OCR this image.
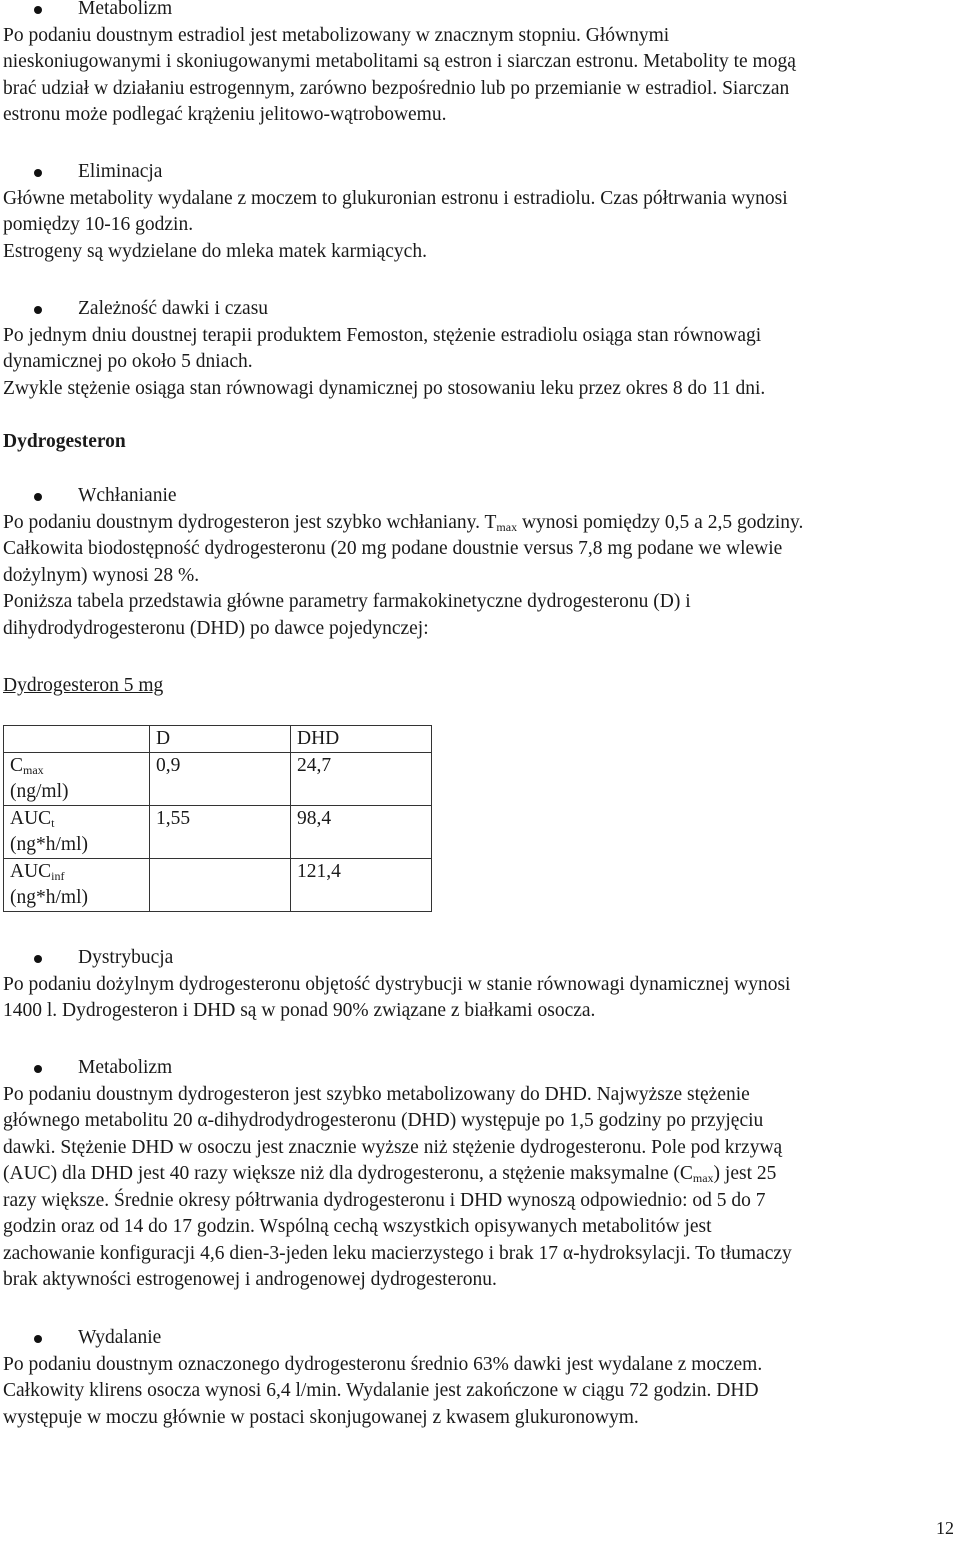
Metabolizm

Po podaniu doustnym estradiol jest metabolizowany w znacznym stopniu. Głównymi

nieskoniugowanymi i skoniugowanymi metabolitami są estron i siarczan estronu. Metabolity te mogą

brać udział w działaniu estrogennym, zarówno bezpośrednio lub po przemianie w estradiol. Siarczan

estronu może podlegać krążeniu jelitowo-wątrobowemu.

Eliminacja

Główne metabolity wydalane z moczem to glukuronian estronu i estradiolu. Czas półtrwania wynosi

pomiędzy 10-16 godzin.

Estrogeny są wydzielane do mleka matek karmiących.

Zależność dawki i czasu

Po jednym dniu doustnej terapii produktem Femoston, stężenie estradiolu osiąga stan równowagi

dynamicznej po około 5 dniach.

Zwykle stężenie osiąga stan równowagi dynamicznej po stosowaniu leku przez okres 8 do 11 dni.

Dydrogesteron

Wchłanianie

Po podaniu doustnym dydrogesteron jest szybko wchłaniany. $T_{max}$ wynosi pomiędzy 0,5 a 2,5 godziny.

Całkowita biodostępność dydrogesteronu (20 mg podane doustnie versus 7,8 mg podane we wlewie

dożylnym) wynosi 28 %.

Poniższa tabela przedstawia główne parametry farmakokinetyczne dydrogesteronu (D) i

dihydrodydrogesteronu (DHD) po dawce pojedynczej:

Dydrogesteron 5 mg

	D	DHD
$C_{max}$
(ng/ml)	0,9	24,7
$AUC_t$
(ng*h/ml)	1,55	98,4
$AUC_{inf}$
(ng*h/ml)		121,4

Dystrybucja

Po podaniu dożylnym dydrogesteronu objętość dystrybucji w stanie równowagi dynamicznej wynosi

1400 l. Dydrogesteron i DHD są w ponad 90% związane z białkami osocza.

Metabolizm

Po podaniu doustnym dydrogesteron jest szybko metabolizowany do DHD. Najwyższe stężenie

głównego metabolitu 20 α-dihydrodydrogesteronu (DHD) występuje po 1,5 godziny po przyjęciu

dawki. Stężenie DHD w osoczu jest znacznie wyższe niż stężenie dydrogesteronu. Pole pod krzywą

(AUC) dla DHD jest 40 razy większe niż dla dydrogesteronu, a stężenie maksymalne $(C_{max})$ jest 25

razy większe. Średnie okresy półtrwania dydrogesteronu i DHD wynoszą odpowiednio: od 5 do 7

godzin oraz od 14 do 17 godzin. Wspólną cechą wszystkich opisywanych metabolitów jest

zachowanie konfiguracji 4,6 dien-3-jeden leku macierzystego i brak 17 α-hydroksylacji. To tłumaczy

brak aktywności estrogenowej i androgenowej dydrogesteronu.

Wydalanie

Po podaniu doustnym oznaczonego dydrogesteronu średnio 63% dawki jest wydalane z moczem.

Całkowity klirens osocza wynosi 6,4 l/min. Wydalanie jest zakończone w ciągu 72 godzin. DHD

występuje w moczu głównie w postaci skonjugowanej z kwasem glukuronowym.

12
